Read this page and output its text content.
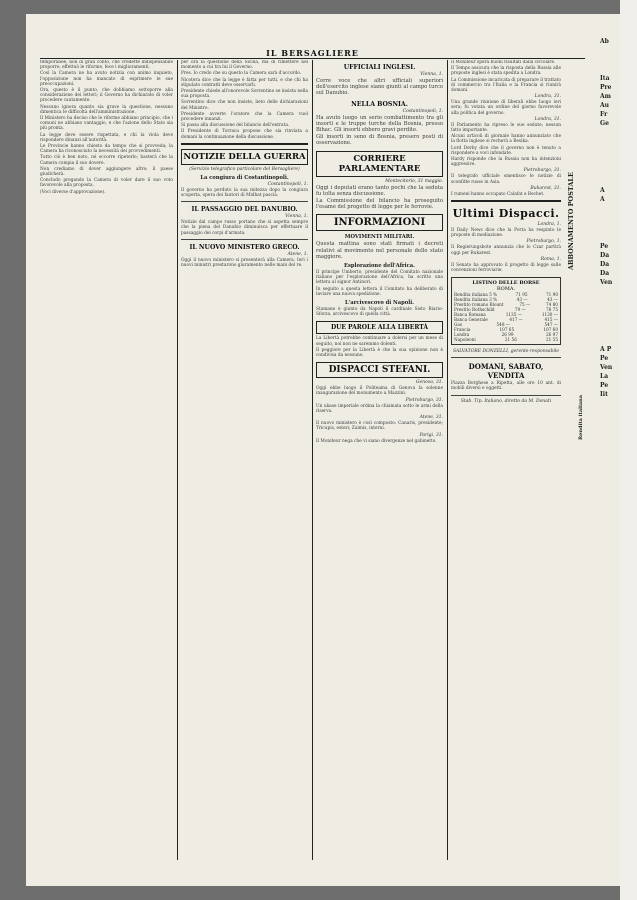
IL BERSAGLIERE

temporanee, non di gran conto, che credette indispensabile proporre, effettuò le riforme, fece i miglioramenti.

Così la Camera ne ha avuto notizia con animo inquieto, l'opposizione non ha mancato di esprimere le sue preoccupazioni.

Ora, questo è il punto, che dobbiamo sottoporre alla considerazione dei lettori; il Governo ha dichiarato di voler procedere cautamente.

Nessuno ignora quanto sia grave la questione, nessuno dimentica le difficoltà dell'amministrazione.

Il Ministero ha deciso che le riforme abbiano principio, che i comuni ne abbiano vantaggio, e che l'azione dello Stato sia più pronta.

La legge deve essere rispettata, e chi la viola deve rispondere dinanzi all'autorità.

Le Provincie hanno chiesto da tempo che si provveda; la Camera ha riconosciuto la necessità dei provvedimenti.

Tutto ciò è ben noto, né occorre ripeterlo; basterà che la Camera compia il suo dovere.

Non crediamo di dover aggiungere altro; il paese giudicherà.

Concludo pregando la Camera di voler dare il suo voto favorevole alla proposta.

(Voci diverse d'approvazione).

per ora la questione della Sicilia, ma di rimettere nel momento a cui tra lui il Governo.

Pres. Io credo che su questo la Camera sarà d'accordo.

Nicotera dice che la legge è fatta per tutti, e che chi ha stipulato contratti deve osservarli.

Presidente chiede all'onorevole Sorrentino se insista nella sua proposta.

Sorrentino dice che non insiste, lieto delle dichiarazioni del Ministro.

Presidente avverte l'oratore che la Camera vuol procedere innanzi.

Si passa alla discussione del bilancio dell'entrata.

Il Presidente di Torraca propone che sia rinviata a domani la continuazione della discussione.

NOTIZIE DELLA GUERRA
(Servizio telegrafico particolare del Bersagliere)
La congiura di Costantinopoli.
Costantinopoli, 1.

Il governo ha perduto la sua mitezza dopo la congiura scoperta, opera dei fautori di Midhat pascià.

IL PASSAGGIO DEL DANUBIO.
Vienna, 1.

Notizie dal campo russo portano che si aspetta sempre che la piena del Danubio diminuisca per effettuare il passaggio dei corpi d'armata.

IL NUOVO MINISTERO GRECO.
Atene, 1.

Oggi il nuovo ministero si presenterà alla Camera. Ieri i nuovi ministri prestarono giuramento nelle mani del re.

UFFICIALI INGLESI.
Vienna, 1.

Corre voce che altri ufficiali superiori dell'esercito inglese siano giunti al campo turco sul Danubio.

NELLA BOSNIA.
Costantinopoli, 1.

Ha avuto luogo un serio combattimento tra gli insorti e le truppe turche della Bosnia, presso Bihac. Gli insorti ebbero gravi perdite.

Gli insorti in seno di Bosnia, presero posti di osservazione.

CORRIERE PARLAMENTARE
Montecitorio, 31 maggio.

Oggi i deputati erano tanto pochi che la seduta fu tolta senza discussione.

La Commissione del bilancio ha proseguito l'esame del progetto di legge per le ferrovie.

INFORMAZIONI
MOVIMENTI MILITARI.

Questa mattina sono stati firmati i decreti relativi al movimento nel personale dello stato maggiore.

Esplorazione dell'Africa.

Il principe Umberto, presidente del Comitato nazionale italiano per l'esplorazione dell'Africa, ha scritto una lettera al signor Antinori.

In seguito a questa lettera il Comitato ha deliberato di inviare una nuova spedizione.

L'arcivescovo di Napoli.

Stamane è giunto da Napoli il cardinale Sisto Riario-Sforza, arcivescovo di quella città.

DUE PAROLE ALLA LIBERTÀ

La Libertà potrebbe continuare a dolersi per un mese di seguito, noi non ne saremmo dolenti.

Il peggiore per la Libertà è che la sua opinione non è condivisa da nessuno.

DISPACCI STEFANI.
Genova, 31.

Oggi ebbe luogo il Politeama di Genova la solenne inaugurazione del monumento a Mazzini.

Pietroburgo, 31.

Un ukase imperiale ordina la chiamata sotto le armi della riserva.

Atene, 31.

Il nuovo ministero è così composto: Canaris, presidente; Tricupis, esteri; Zaimis, interni.

Parigi, 31.

Il Moniteur nega che vi siano divergenze nel gabinetto.

Il Moniteur spera buoni risultati dalla circolare.

Il Temps assicura che la risposta della Russia alle proposte inglesi è stata spedita a Londra.

La Commissione incaricata di preparare il trattato di commercio tra l'Italia e la Francia si riunirà domani.

Londra, 31.

Una grande riunione di liberali ebbe luogo ieri sera; fu votata un ordine del giorno favorevole alla politica del governo.

Londra, 31.

Il Parlamento ha ripreso le sue sedute; nessun fatto importante.

Alcuni articoli di giornale hanno annunziato che la flotta inglese si recherà a Besika.

Lord Derby dice che il governo non è tenuto a rispondere a voci infondate.

Hardy risponde che la Russia non ha intenzioni aggressive.

Pietroburgo, 31.

Il telegrafo ufficiale smentisce le notizie di sconfitte russe in Asia.

Bukarest, 31.

I rumeni hanno occupato Calafat e Bechet.

Ultimi Dispacci.
Londra, 1.

Il Daily News dice che la Porta ha respinto le proposte di mediazione.

Pietroburgo, 1.

Il Regierungsbote annunzia che lo Czar partirà oggi per Bukarest.

Roma, 1.

Il Senato ha approvato il progetto di legge sulle convenzioni ferroviarie.

LISTINO DELLE BORSE
ROMA.
Rendita italiana 5 %	71 95	71 90
Rendita italiana 3 %	43 —	43 —
Prestito romano Blount	75 —	74 80
Prestito Rothschild	79 —	78 75
Banca Romana	1135 —	1130 —
Banca Generale	417 —	415 —
Gas	548 —	547 —
Francia	107 65	107 60
Londra	26 99	26 97
Napoleoni	21 56	21 55
SALVATORE DONZELLI, gerente-responsabile
DOMANI, SABATO, VENDITA

Piazza Borghese a Ripetta, alle ore 10 ant. di mobili diversi e oggetti.

Stab. Tip. Italiano, diretto da M. Donati
ABBONAMENTO POSTALE
Rendita italiana
Ab
Ita
Pre
Am
Au
Fr
Ge
A
A
Pe
Da
Da
Da
Ven
A P
Pe
Ven
La
Pe
Iit
